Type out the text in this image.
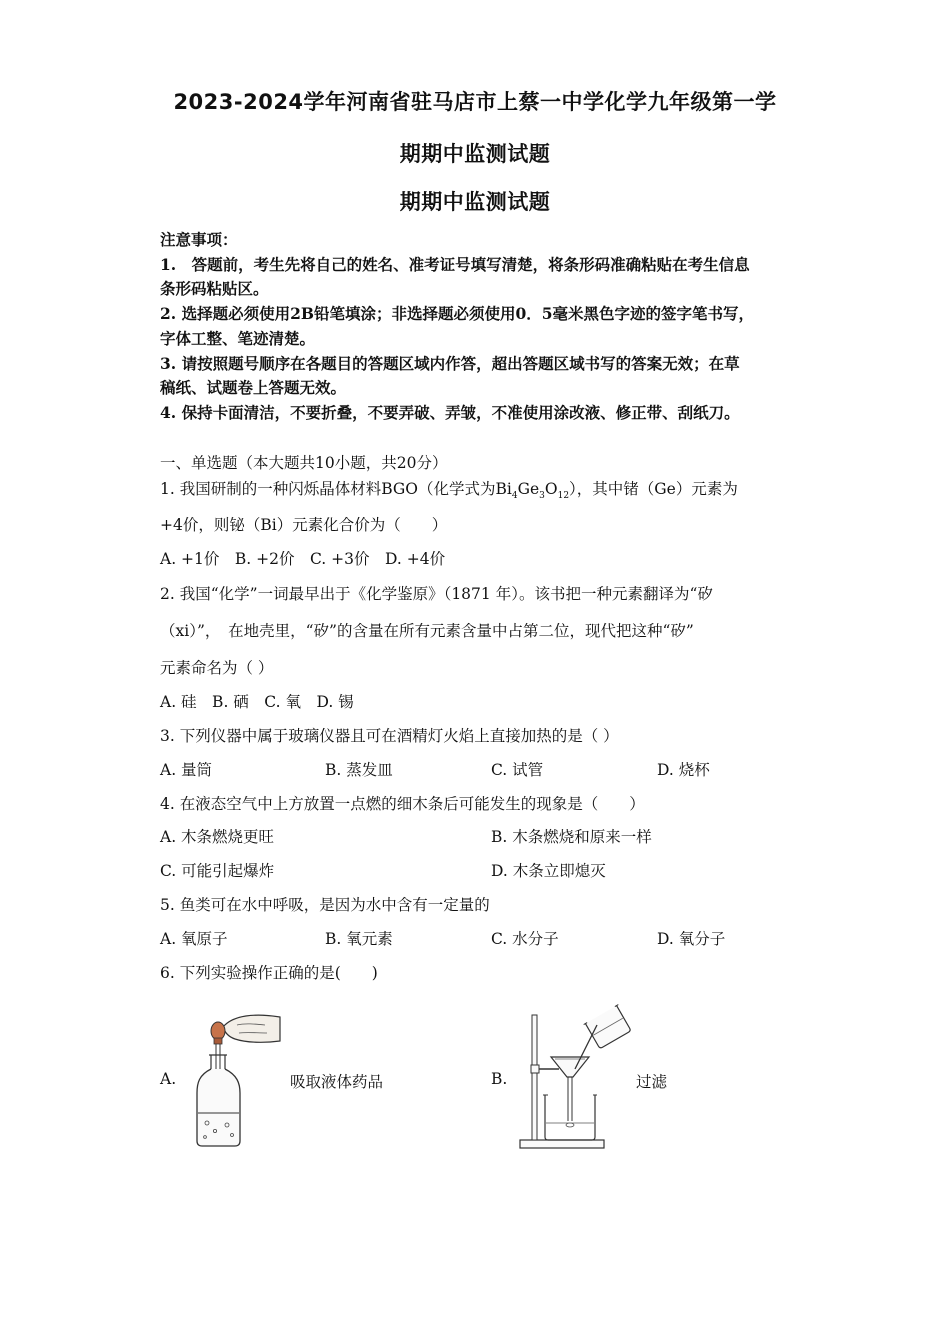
2023-2024学年河南省驻马店市上蔡一中学化学九年级第一学
期期中监测试题
期期中监测试题
注意事项：
1.　答题前，考生先将自己的姓名、准考证号填写清楚，将条形码准确粘贴在考生信息
条形码粘贴区。
2. 选择题必须使用2B铅笔填涂；非选择题必须使用0．5毫米黑色字迹的签字笔书写，
字体工整、笔迹清楚。
3. 请按照题号顺序在各题目的答题区域内作答，超出答题区域书写的答案无效；在草
稿纸、试题卷上答题无效。
4. 保持卡面清洁，不要折叠，不要弄破、弄皱，不准使用涂改液、修正带、刮纸刀。
一、单选题（本大题共10小题，共20分）
1. 我国研制的一种闪烁晶体材料BGO（化学式为$Bi_4Ge_3O_{12}$），其中锗（Ge）元素为
+4价，则铋（Bi）元素化合价为（　　）
A. +1价　B. +2价　C. +3价　D. +4价
2. 我国“化学”一词最早出于《化学鉴原》（1871 年）。该书把一种元素翻译为“矽
（xi）”，　在地壳里，“矽”的含量在所有元素含量中占第二位，现代把这种“矽”
元素命名为（ ）
A. 硅　B. 硒　C. 氧　D. 锡
3. 下列仪器中属于玻璃仪器且可在酒精灯火焰上直接加热的是（ ）
A. 量筒	B. 蒸发皿	C. 试管	D. 烧杯
4. 在液态空气中上方放置一点燃的细木条后可能发生的现象是（　　）
A. 木条燃烧更旺	B. 木条燃烧和原来一样
C. 可能引起爆炸	D. 木条立即熄灭
5. 鱼类可在水中呼吸，是因为水中含有一定量的
A. 氧原子	B. 氧元素	C. 水分子	D. 氧分子
6. 下列实验操作正确的是(　　)
A.	吸取液体药品	B.	过滤
